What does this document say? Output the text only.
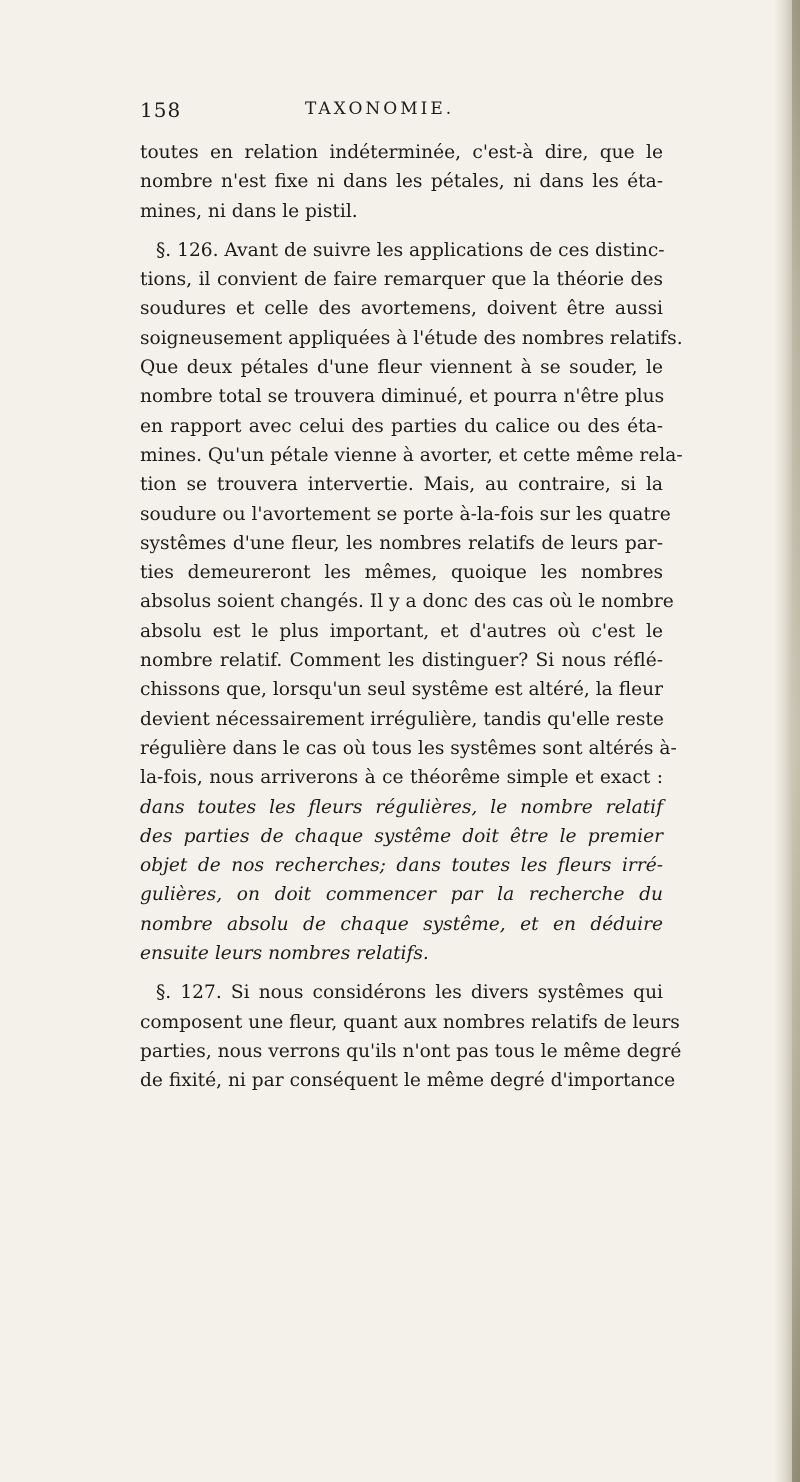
158	TAXONOMIE.
toutes en relation indéterminée, c'est-à dire, que le
nombre n'est fixe ni dans les pétales, ni dans les éta-
mines, ni dans le pistil.
§. 126. Avant de suivre les applications de ces distinc-
tions, il convient de faire remarquer que la théorie des
soudures et celle des avortemens, doivent être aussi
soigneusement appliquées à l'étude des nombres relatifs.
Que deux pétales d'une fleur viennent à se souder, le
nombre total se trouvera diminué, et pourra n'être plus
en rapport avec celui des parties du calice ou des éta-
mines. Qu'un pétale vienne à avorter, et cette même rela-
tion se trouvera intervertie. Mais, au contraire, si la
soudure ou l'avortement se porte à-la-fois sur les quatre
systêmes d'une fleur, les nombres relatifs de leurs par-
ties demeureront les mêmes, quoique les nombres
absolus soient changés. Il y a donc des cas où le nombre
absolu est le plus important, et d'autres où c'est le
nombre relatif. Comment les distinguer? Si nous réflé-
chissons que, lorsqu'un seul systême est altéré, la fleur
devient nécessairement irrégulière, tandis qu'elle reste
régulière dans le cas où tous les systêmes sont altérés à-
la-fois, nous arriverons à ce théorême simple et exact :
dans toutes les fleurs régulières, le nombre relatif
des parties de chaque systême doit être le premier
objet de nos recherches; dans toutes les fleurs irré-
gulières, on doit commencer par la recherche du
nombre absolu de chaque systême, et en déduire
ensuite leurs nombres relatifs.
§. 127. Si nous considérons les divers systêmes qui
composent une fleur, quant aux nombres relatifs de leurs
parties, nous verrons qu'ils n'ont pas tous le même degré
de fixité, ni par conséquent le même degré d'importance
